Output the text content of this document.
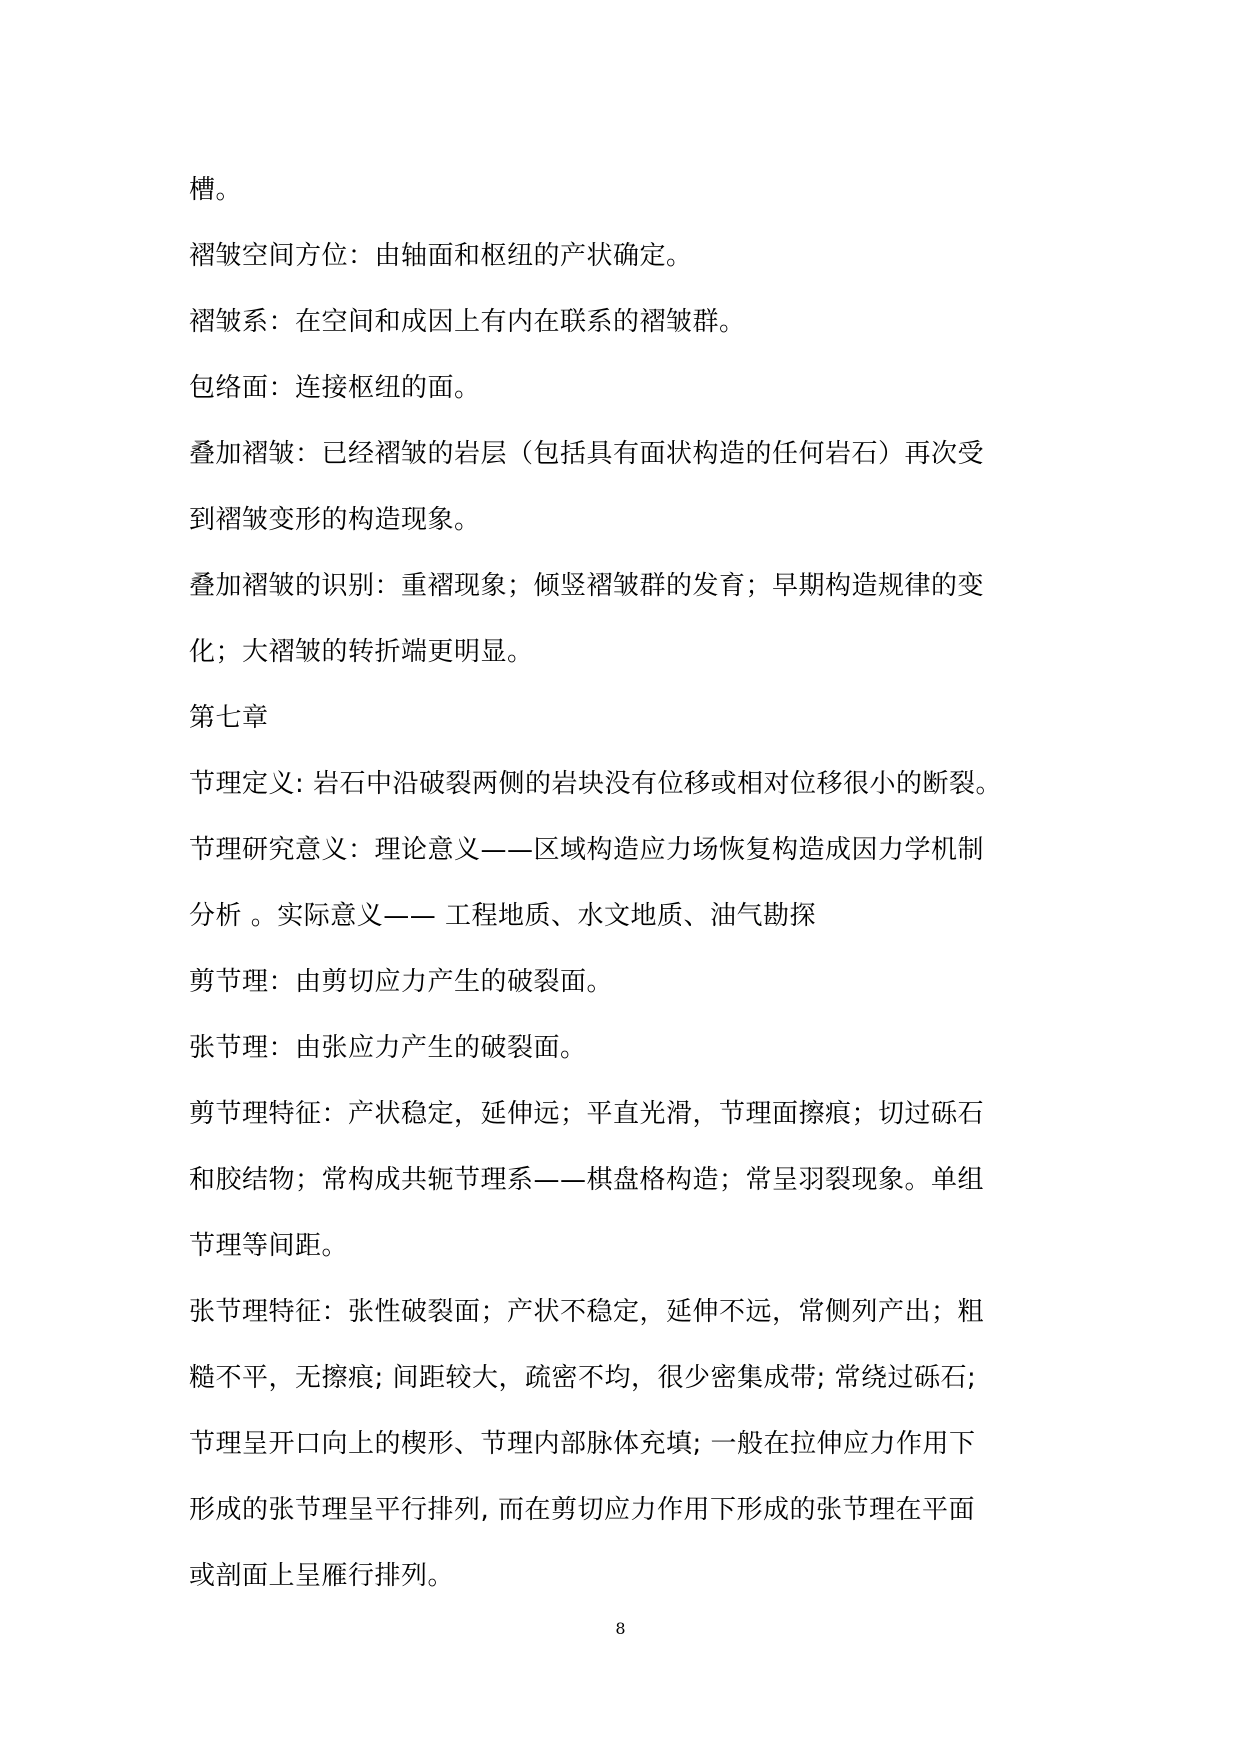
槽。
褶皱空间方位：由轴面和枢纽的产状确定。
褶皱系：在空间和成因上有内在联系的褶皱群。
包络面：连接枢纽的面。
叠加褶皱：已经褶皱的岩层（包括具有面状构造的任何岩石）再次受
到褶皱变形的构造现象。
叠加褶皱的识别：重褶现象；倾竖褶皱群的发育；早期构造规律的变
化；大褶皱的转折端更明显。
第七章
节理定义: 岩石中沿破裂两侧的岩块没有位移或相对位移很小的断裂。
节理研究意义：理论意义——区域构造应力场恢复构造成因力学机制
分析 。实际意义—— 工程地质、水文地质、油气勘探
剪节理：由剪切应力产生的破裂面。
张节理：由张应力产生的破裂面。
剪节理特征：产状稳定，延伸远；平直光滑，节理面擦痕；切过砾石
和胶结物；常构成共轭节理系——棋盘格构造；常呈羽裂现象。单组
节理等间距。
张节理特征：张性破裂面；产状不稳定，延伸不远，常侧列产出；粗
糙不平，无擦痕; 间距较大，疏密不均，很少密集成带; 常绕过砾石;
节理呈开口向上的楔形、节理内部脉体充填; 一般在拉伸应力作用下
形成的张节理呈平行排列, 而在剪切应力作用下形成的张节理在平面
或剖面上呈雁行排列。
8
